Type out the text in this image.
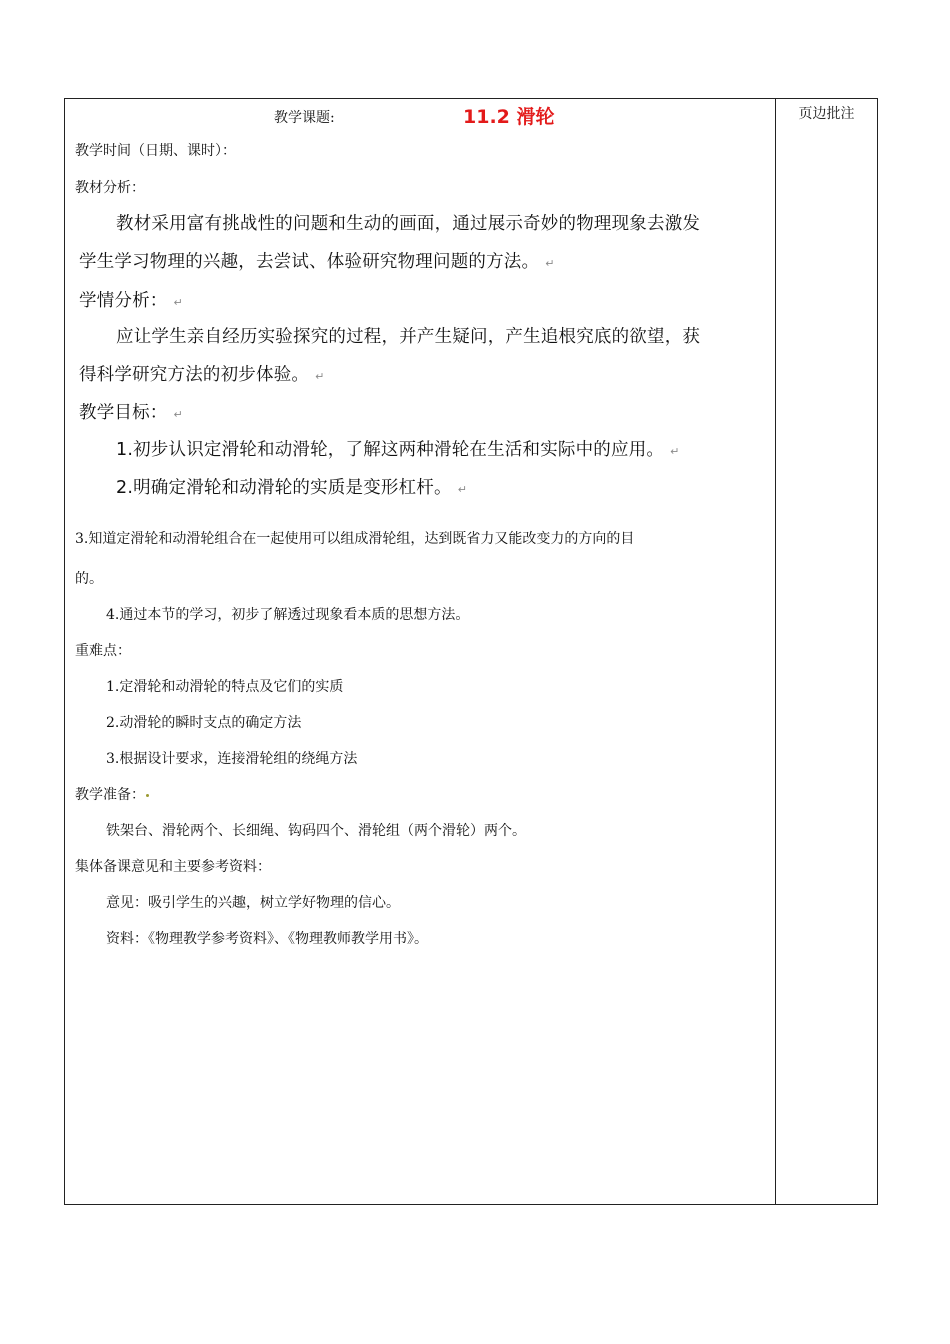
教学课题:	11.2 滑轮	页边批注
教学时间（日期、课时）：
教材分析：
教材采用富有挑战性的问题和生动的画面，通过展示奇妙的物理现象去激发
学生学习物理的兴趣，去尝试、体验研究物理问题的方法。 ↵
学情分析： ↵
应让学生亲自经历实验探究的过程，并产生疑问，产生追根究底的欲望，获
得科学研究方法的初步体验。 ↵
教学目标： ↵
1.初步认识定滑轮和动滑轮，了解这两种滑轮在生活和实际中的应用。 ↵
2.明确定滑轮和动滑轮的实质是变形杠杆。 ↵
3.知道定滑轮和动滑轮组合在一起使用可以组成滑轮组，达到既省力又能改变力的方向的目
的。
4.通过本节的学习，初步了解透过现象看本质的思想方法。
重难点：
1.定滑轮和动滑轮的特点及它们的实质
2.动滑轮的瞬时支点的确定方法
3.根据设计要求，连接滑轮组的绕绳方法
教学准备：
铁架台、滑轮两个、长细绳、钩码四个、滑轮组（两个滑轮）两个。
集体备课意见和主要参考资料：
意见：吸引学生的兴趣，树立学好物理的信心。
资料：《物理教学参考资料》、《物理教师教学用书》。
